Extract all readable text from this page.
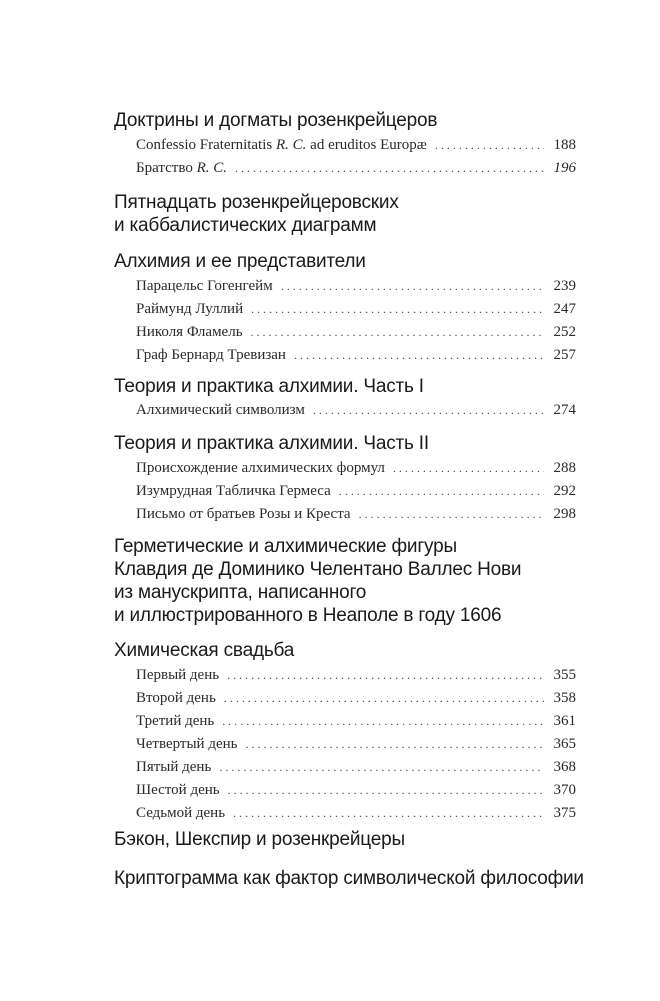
Доктрины и догматы розенкрейцеров
Confessio Fraternitatis R. C. ad eruditos Europæ . . .	188
Братство R. C. . . .	196
Пятнадцать розенкрейцеровских
и каббалистических диаграмм
Алхимия и ее представители
Парацельс Гогенгейм . . .	239
Раймунд Луллий . . .	247
Николя Фламель . . .	252
Граф Бернард Тревизан . . .	257
Теория и практика алхимии. Часть I
Алхимический символизм . . .	274
Теория и практика алхимии. Часть II
Происхождение алхимических формул . . .	288
Изумрудная Табличка Гермеса . . .	292
Письмо от братьев Розы и Креста . . .	298
Герметические и алхимические фигуры
Клавдия де Доминико Челентано Валлес Нови
из манускрипта, написанного
и иллюстрированного в Неаполе в году 1606
Химическая свадьба
Первый день . . .	355
Второй день . . .	358
Третий день . . .	361
Четвертый день . . .	365
Пятый день . . .	368
Шестой день . . .	370
Седьмой день . . .	375
Бэкон, Шекспир и розенкрейцеры
Криптограмма как фактор символической философии
